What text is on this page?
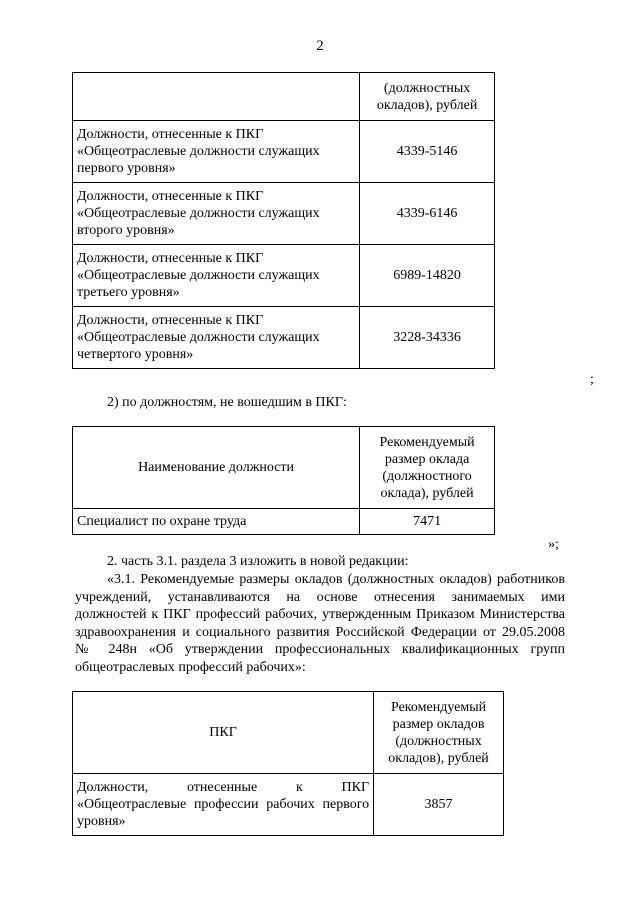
2
	(должностных
окладов), рублей
Должности, отнесенные к ПКГ
«Общеотраслевые должности служащих
первого уровня»	4339-5146
Должности, отнесенные к ПКГ
«Общеотраслевые должности служащих
второго уровня»	4339-6146
Должности, отнесенные к ПКГ
«Общеотраслевые должности служащих
третьего уровня»	6989-14820
Должности, отнесенные к ПКГ
«Общеотраслевые должности служащих
четвертого уровня»	3228-34336
;
2) по должностям, не вошедшим в ПКГ:
Наименование должности	Рекомендуемый
размер оклада
(должностного
оклада), рублей
Специалист по охране труда	7471
»;
2. часть 3.1. раздела 3 изложить в новой редакции:
«3.1. Рекомендуемые размеры окладов (должностных окладов) работников
учреждений, устанавливаются на основе отнесения занимаемых ими
должностей к ПКГ профессий рабочих, утвержденным Приказом Министерства
здравоохранения и социального развития Российской Федерации от 29.05.2008
№ 248н «Об утверждении профессиональных квалификационных групп
общеотраслевых профессий рабочих»:
ПКГ	Рекомендуемый
размер окладов
(должностных
окладов), рублей
Должности, отнесенные к ПКГ «Общеотраслевые профессии рабочих первого уровня»	3857
